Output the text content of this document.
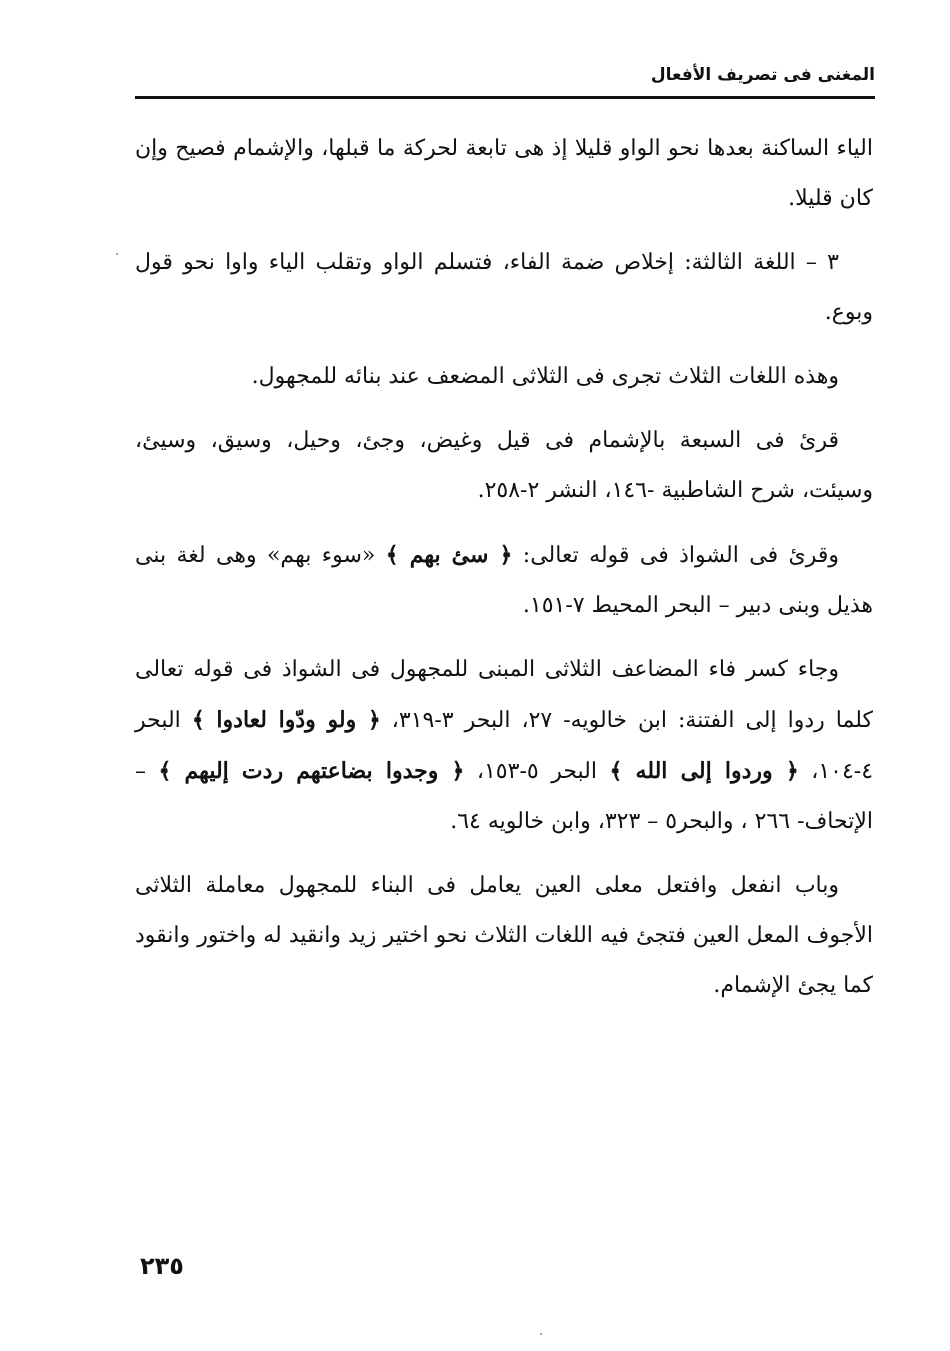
المغنى فى تصريف الأفعال

الياء الساكنة بعدها نحو الواو قليلا إذ هى تابعة لحركة ما قبلها، والإشمام فصيح وإن كان قليلا.

٣ – اللغة الثالثة: إخلاص ضمة الفاء، فتسلم الواو وتقلب الياء واوا نحو قول وبوع.

وهذه اللغات الثلاث تجرى فى الثلاثى المضعف عند بنائه للمجهول.

قرئ فى السبعة بالإشمام فى قيل وغيض، وجئ، وحيل، وسيق، وسيئ، وسيئت، شرح الشاطبية -١٤٦، النشر ٢-٢٥٨.

وقرئ فى الشواذ فى قوله تعالى: ﴿ سئ بهم ﴾ «سوء بهم» وهى لغة بنى هذيل وبنى دبير – البحر المحيط ٧-١٥١.

وجاء كسر فاء المضاعف الثلاثى المبنى للمجهول فى الشواذ فى قوله تعالى كلما ردوا إلى الفتنة: ابن خالويه- ٢٧، البحر ٣-٣١٩، ﴿ ولو ودّوا لعادوا ﴾ البحر ٤-١٠٤، ﴿ وردوا إلى الله ﴾ البحر ٥-١٥٣، ﴿ وجدوا بضاعتهم ردت إليهم ﴾ – الإتحاف- ٢٦٦ ، والبحر٥ – ٣٢٣، وابن خالويه ٦٤.

وباب انفعل وافتعل معلى العين يعامل فى البناء للمجهول معاملة الثلاثى الأجوف المعل العين فتجئ فيه اللغات الثلاث نحو اختير زيد وانقيد له واختور وانقود كما يجئ الإشمام.

٢٣٥
